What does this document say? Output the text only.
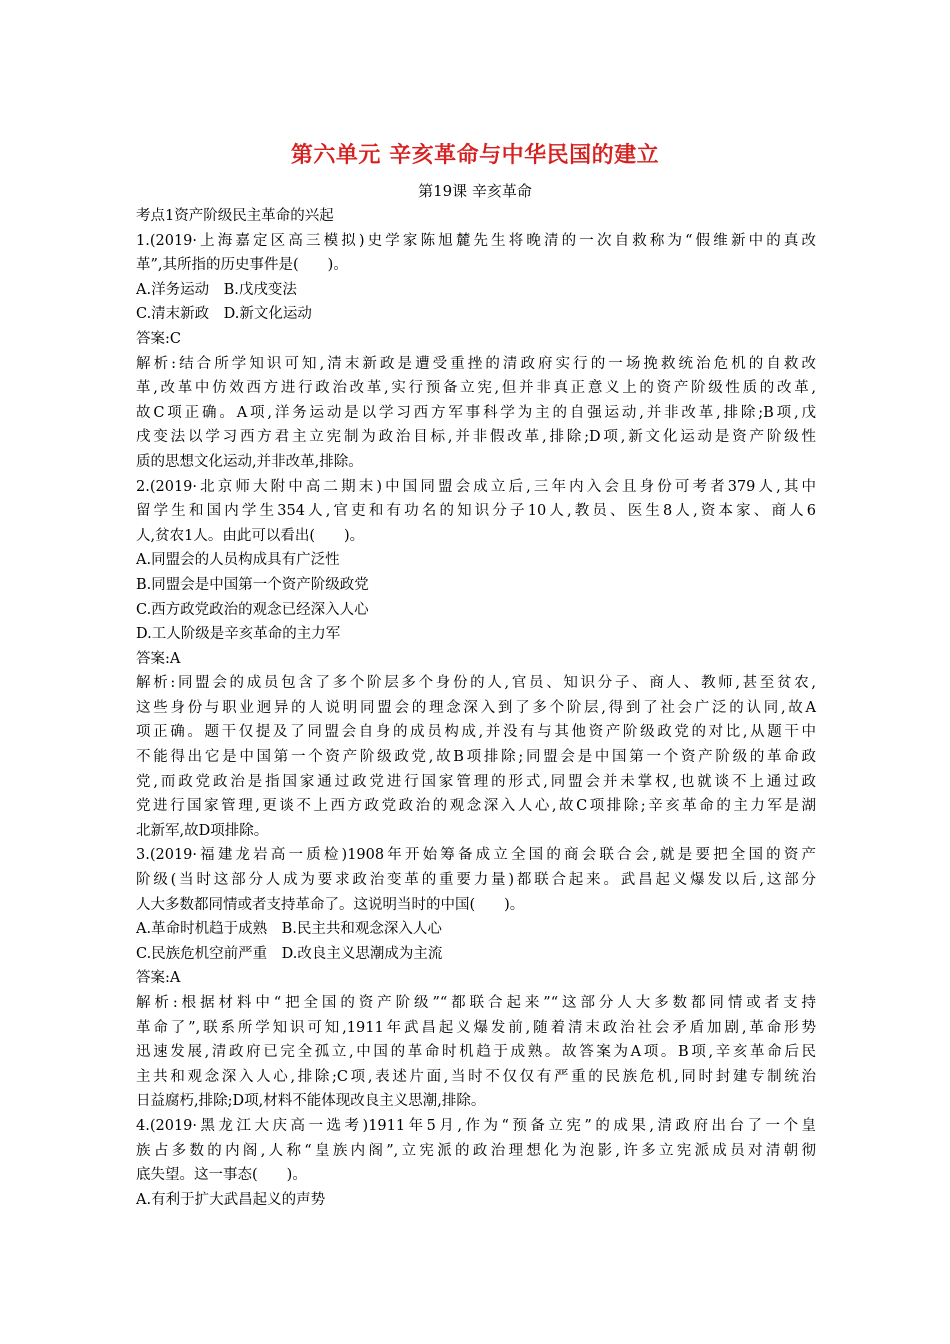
第六单元 辛亥革命与中华民国的建立
第19课 辛亥革命
考点1资产阶级民主革命的兴起
1.(2019·上海嘉定区高三模拟)史学家陈旭麓先生将晚清的一次自救称为“假维新中的真改
革”,其所指的历史事件是(　　)。
A.洋务运动　B.戊戌变法
C.清末新政　D.新文化运动
答案:C
解析:结合所学知识可知,清末新政是遭受重挫的清政府实行的一场挽救统治危机的自救改
革,改革中仿效西方进行政治改革,实行预备立宪,但并非真正意义上的资产阶级性质的改革,
故C项正确。A项,洋务运动是以学习西方军事科学为主的自强运动,并非改革,排除;B项,戊
戌变法以学习西方君主立宪制为政治目标,并非假改革,排除;D项,新文化运动是资产阶级性
质的思想文化运动,并非改革,排除。
2.(2019·北京师大附中高二期末)中国同盟会成立后,三年内入会且身份可考者379人,其中
留学生和国内学生354人,官吏和有功名的知识分子10人,教员、医生8人,资本家、商人6
人,贫农1人。由此可以看出(　　)。
A.同盟会的人员构成具有广泛性
B.同盟会是中国第一个资产阶级政党
C.西方政党政治的观念已经深入人心
D.工人阶级是辛亥革命的主力军
答案:A
解析:同盟会的成员包含了多个阶层多个身份的人,官员、知识分子、商人、教师,甚至贫农,
这些身份与职业迥异的人说明同盟会的理念深入到了多个阶层,得到了社会广泛的认同,故A
项正确。题干仅提及了同盟会自身的成员构成,并没有与其他资产阶级政党的对比,从题干中
不能得出它是中国第一个资产阶级政党,故B项排除;同盟会是中国第一个资产阶级的革命政
党,而政党政治是指国家通过政党进行国家管理的形式,同盟会并未掌权,也就谈不上通过政
党进行国家管理,更谈不上西方政党政治的观念深入人心,故C项排除;辛亥革命的主力军是湖
北新军,故D项排除。
3.(2019·福建龙岩高一质检)1908年开始筹备成立全国的商会联合会,就是要把全国的资产
阶级(当时这部分人成为要求政治变革的重要力量)都联合起来。武昌起义爆发以后,这部分
人大多数都同情或者支持革命了。这说明当时的中国(　　)。
A.革命时机趋于成熟　B.民主共和观念深入人心
C.民族危机空前严重　D.改良主义思潮成为主流
答案:A
解析:根据材料中“把全国的资产阶级”“都联合起来”“这部分人大多数都同情或者支持
革命了”,联系所学知识可知,1911年武昌起义爆发前,随着清末政治社会矛盾加剧,革命形势
迅速发展,清政府已完全孤立,中国的革命时机趋于成熟。故答案为A项。B项,辛亥革命后民
主共和观念深入人心,排除;C项,表述片面,当时不仅仅有严重的民族危机,同时封建专制统治
日益腐朽,排除;D项,材料不能体现改良主义思潮,排除。
4.(2019·黑龙江大庆高一选考)1911年5月,作为“预备立宪”的成果,清政府出台了一个皇
族占多数的内阁,人称“皇族内阁”,立宪派的政治理想化为泡影,许多立宪派成员对清朝彻
底失望。这一事态(　　)。
A.有利于扩大武昌起义的声势
